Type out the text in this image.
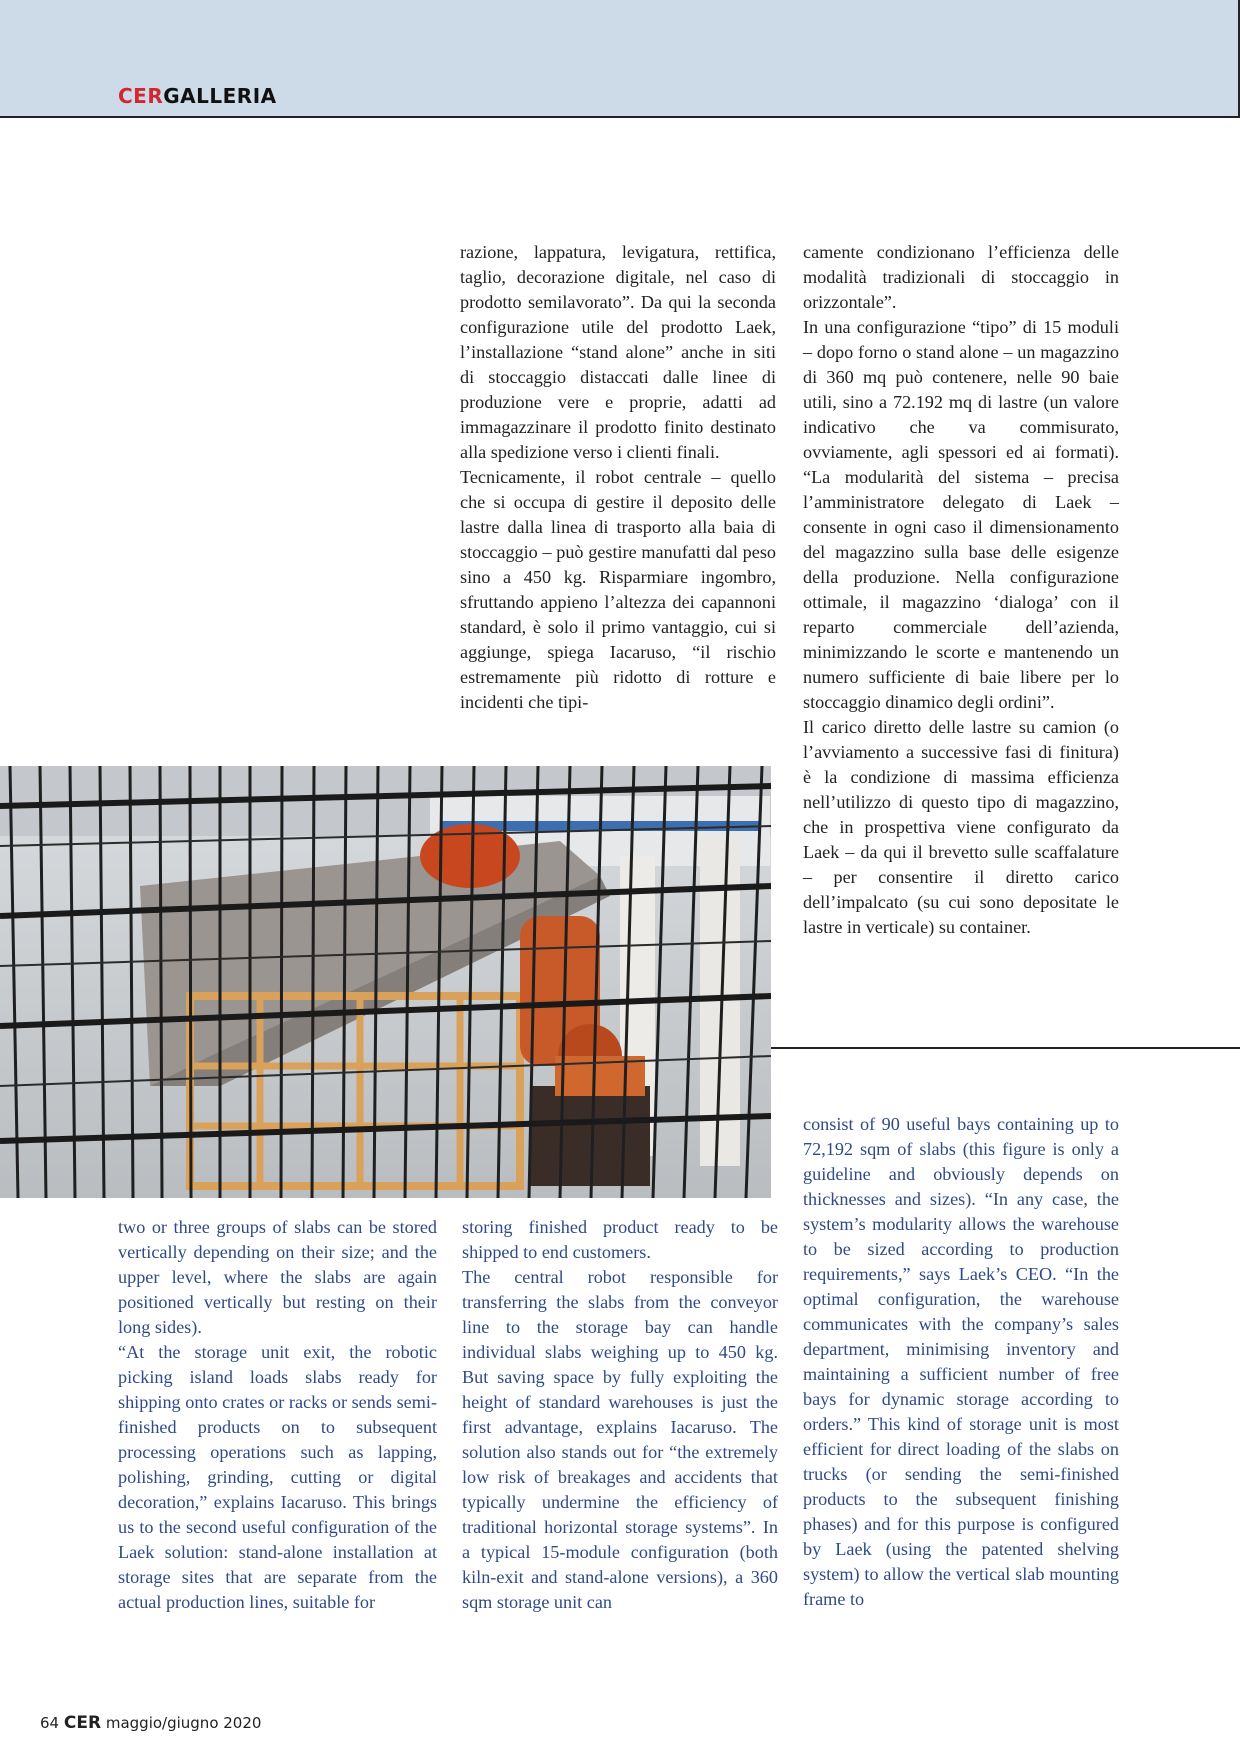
CERGALLERIA

razione, lappatura, levigatura, rettifica, taglio, decorazione digitale, nel caso di prodotto semilavorato”. Da qui la seconda configurazione utile del prodotto Laek, l’installazione “stand alone” anche in siti di stoccaggio distaccati dalle linee di produzione vere e proprie, adatti ad immagazzinare il prodotto finito destinato alla spedizione verso i clienti finali.

Tecnicamente, il robot centrale – quello che si occupa di gestire il deposito delle lastre dalla linea di trasporto alla baia di stoccaggio – può gestire manufatti dal peso sino a 450 kg. Risparmiare ingombro, sfruttando appieno l’altezza dei capannoni standard, è solo il primo vantaggio, cui si aggiunge, spiega Iacaruso, “il rischio estremamente più ridotto di rotture e incidenti che tipi-

camente condizionano l’efficienza delle modalità tradizionali di stoccaggio in orizzontale”.

In una configurazione “tipo” di 15 moduli – dopo forno o stand alone – un magazzino di 360 mq può contenere, nelle 90 baie utili, sino a 72.192 mq di lastre (un valore indicativo che va commisurato, ovviamente, agli spessori ed ai formati). “La modularità del sistema – precisa l’amministratore delegato di Laek – consente in ogni caso il dimensionamento del magazzino sulla base delle esigenze della produzione. Nella configurazione ottimale, il magazzino ‘dialoga’ con il reparto commerciale dell’azienda, minimizzando le scorte e mantenendo un numero sufficiente di baie libere per lo stoccaggio dinamico degli ordini”.

Il carico diretto delle lastre su camion (o l’avviamento a successive fasi di finitura) è la condizione di massima efficienza nell’utilizzo di questo tipo di magazzino, che in prospettiva viene configurato da Laek – da qui il brevetto sulle scaffalature – per consentire il diretto carico dell’impalcato (su cui sono depositate le lastre in verticale) su container.

consist of 90 useful bays containing up to 72,192 sqm of slabs (this figure is only a guideline and obviously depends on thicknesses and sizes). “In any case, the system’s modularity allows the warehouse to be sized according to production requirements,” says Laek’s CEO. “In the optimal configuration, the warehouse communicates with the company’s sales department, minimising inventory and maintaining a sufficient number of free bays for dynamic storage according to orders.” This kind of storage unit is most efficient for direct loading of the slabs on trucks (or sending the semi-finished products to the subsequent finishing phases) and for this purpose is configured by Laek (using the patented shelving system) to allow the vertical slab mounting frame to

two or three groups of slabs can be stored vertically depending on their size; and the upper level, where the slabs are again positioned vertically but resting on their long sides).

“At the storage unit exit, the robotic picking island loads slabs ready for shipping onto crates or racks or sends semi-finished products on to subsequent processing operations such as lapping, polishing, grinding, cutting or digital decoration,” explains Iacaruso. This brings us to the second useful configuration of the Laek solution: stand-alone installation at storage sites that are separate from the actual production lines, suitable for

storing finished product ready to be shipped to end customers.

The central robot responsible for transferring the slabs from the conveyor line to the storage bay can handle individual slabs weighing up to 450 kg. But saving space by fully exploiting the height of standard warehouses is just the first advantage, explains Iacaruso. The solution also stands out for “the extremely low risk of breakages and accidents that typically undermine the efficiency of traditional horizontal storage systems”. In a typical 15-module configuration (both kiln-exit and stand-alone versions), a 360 sqm storage unit can

64 CER maggio/giugno 2020
